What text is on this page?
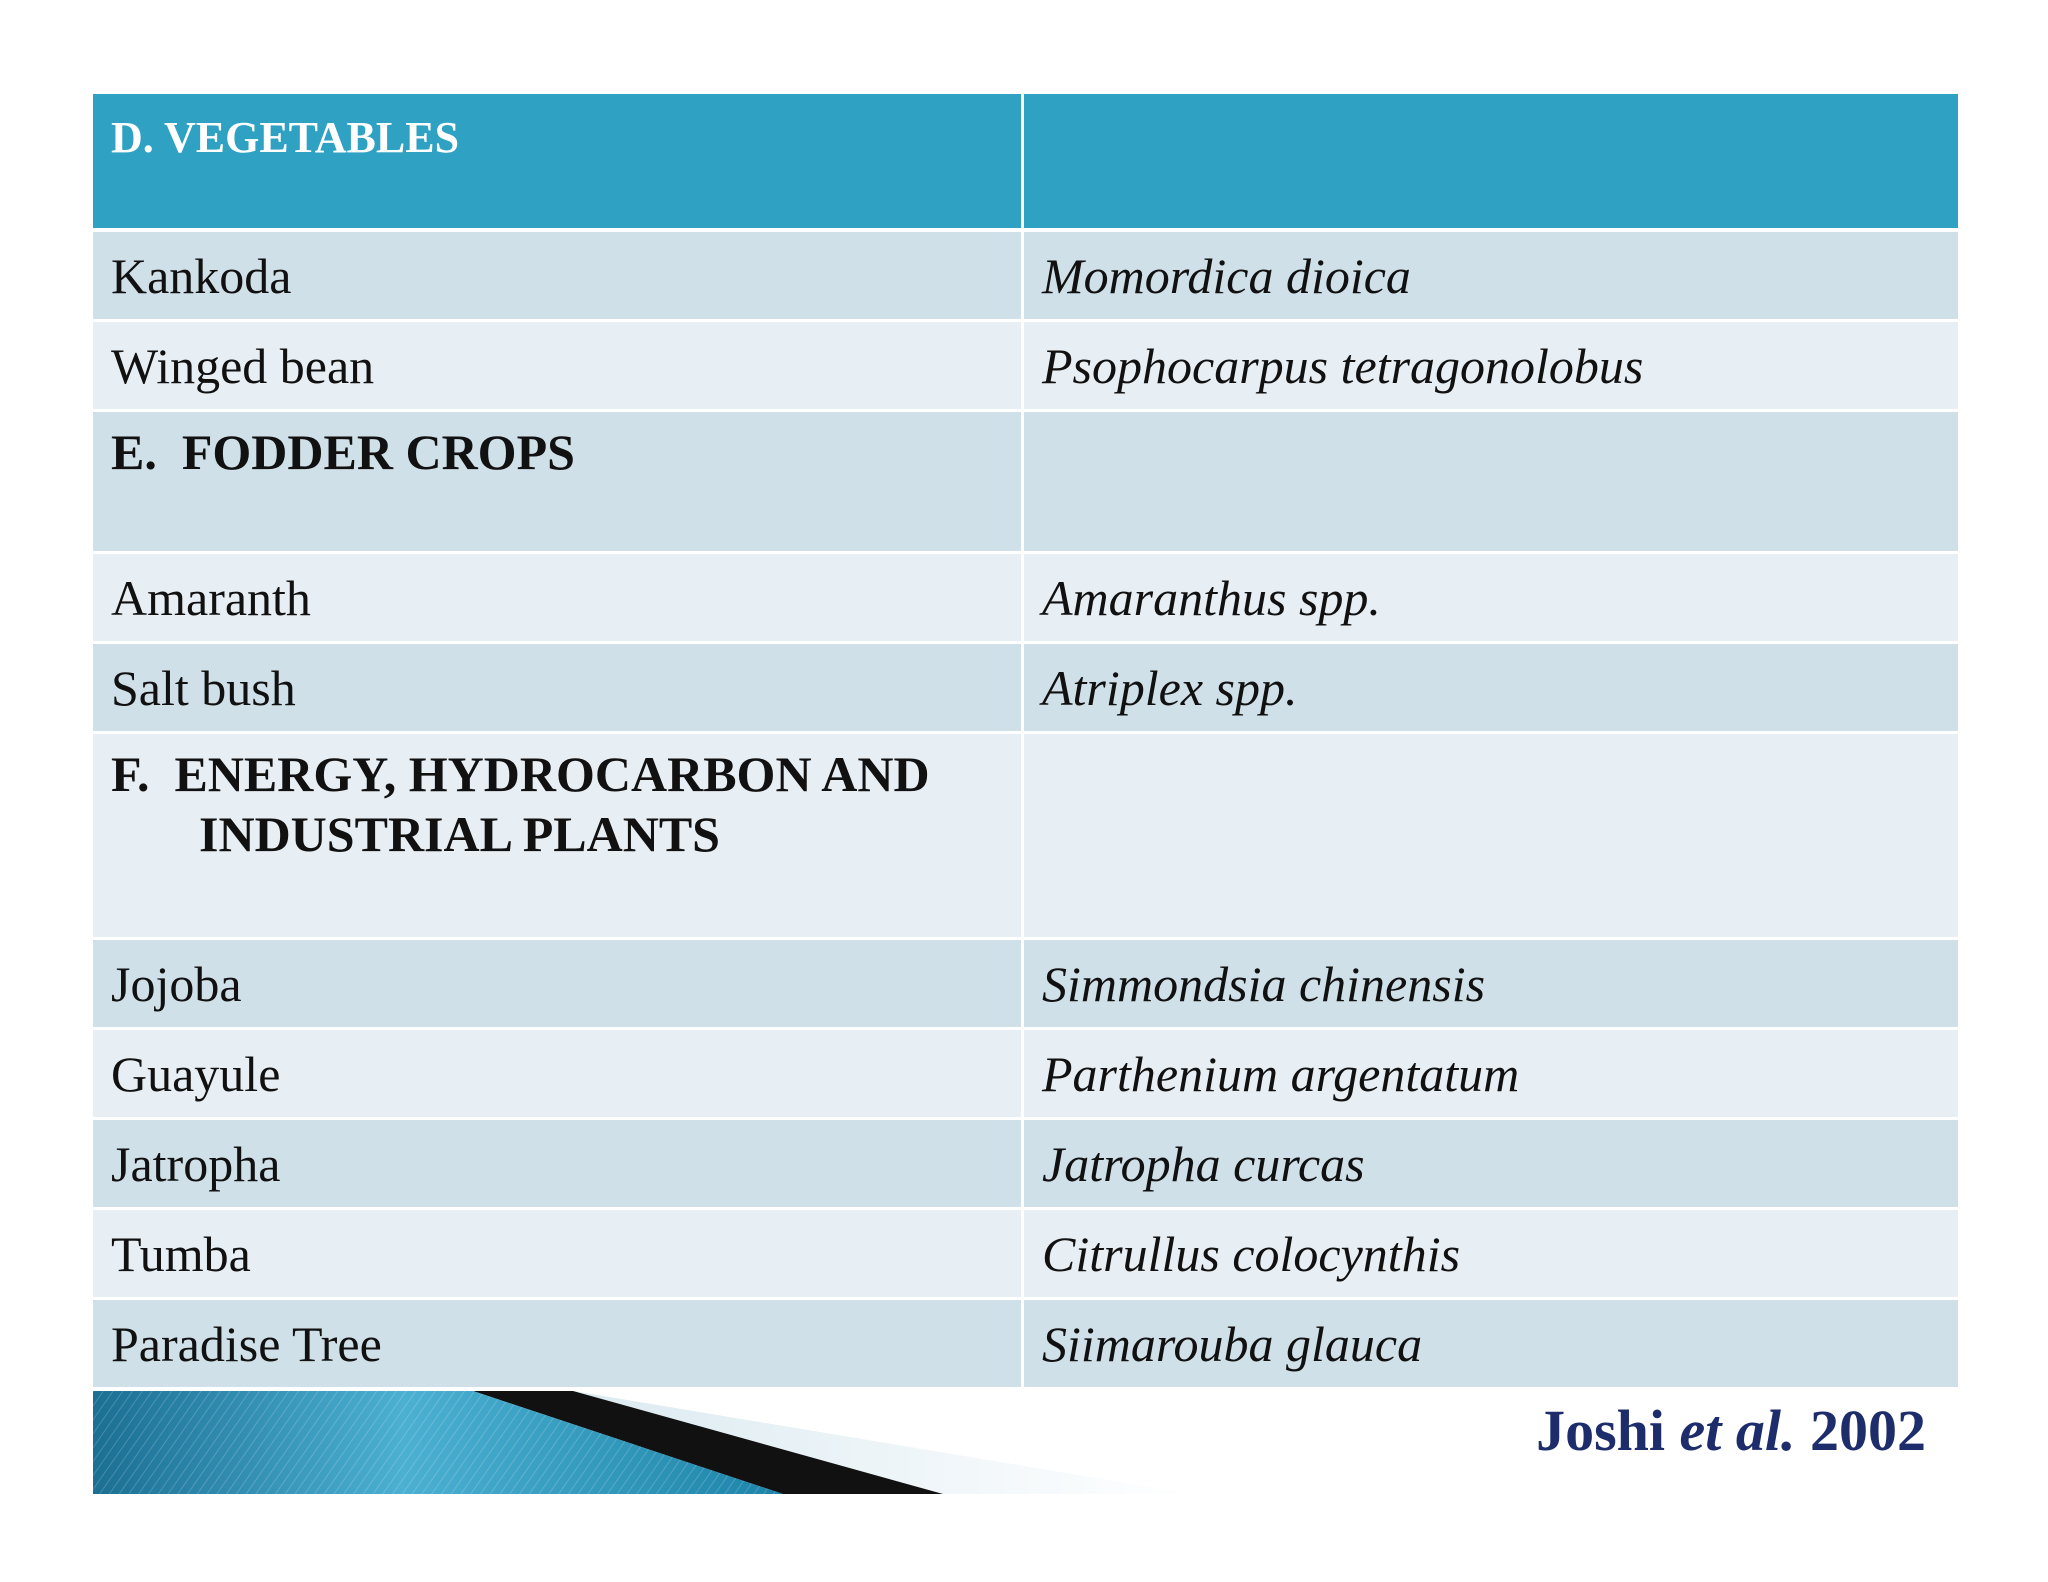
D. VEGETABLES	
Kankoda	Momordica dioica
Winged bean	Psophocarpus tetragonolobus

E.  FODDER CROPS	

Amaranth	Amaranthus spp.
Salt bush	Atriplex spp.

F.  ENERGY, HYDROCARBON AND INDUSTRIAL PLANTS	

Jojoba	Simmondsia chinensis
Guayule	Parthenium argentatum
Jatropha	Jatropha curcas
Tumba	Citrullus colocynthis
Paradise Tree	Siimarouba glauca
Joshi et al. 2002
